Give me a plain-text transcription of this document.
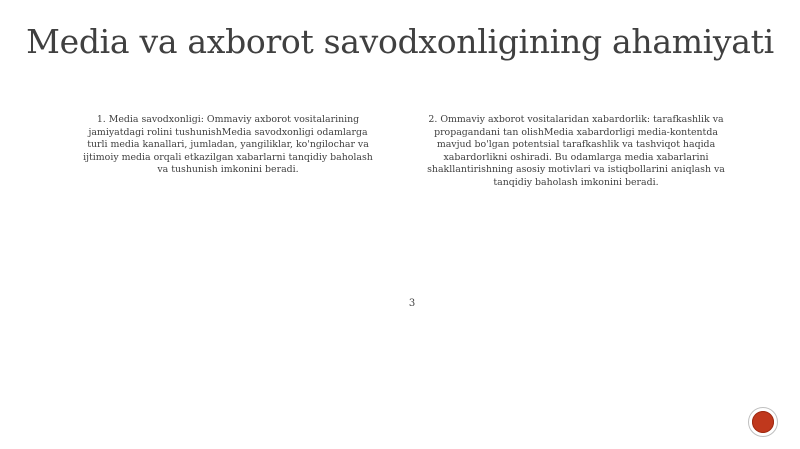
Media va axborot savodxonligining ahamiyati
1. Media savodxonligi: Ommaviy axborot vositalarining jamiyatdagi rolini tushunishMedia savodxonligi odamlarga turli media kanallari, jumladan, yangiliklar, ko'ngilochar va ijtimoiy media orqali etkazilgan xabarlarni tanqidiy baholash va tushunish imkonini beradi.
2. Ommaviy axborot vositalaridan xabardorlik: tarafkashlik va propagandani tan olishMedia xabardorligi media-kontentda mavjud bo'lgan potentsial tarafkashlik va tashviqot haqida xabardorlikni oshiradi. Bu odamlarga media xabarlarini shakllantirishning asosiy motivlari va istiqbollarini aniqlash va tanqidiy baholash imkonini beradi.
3
